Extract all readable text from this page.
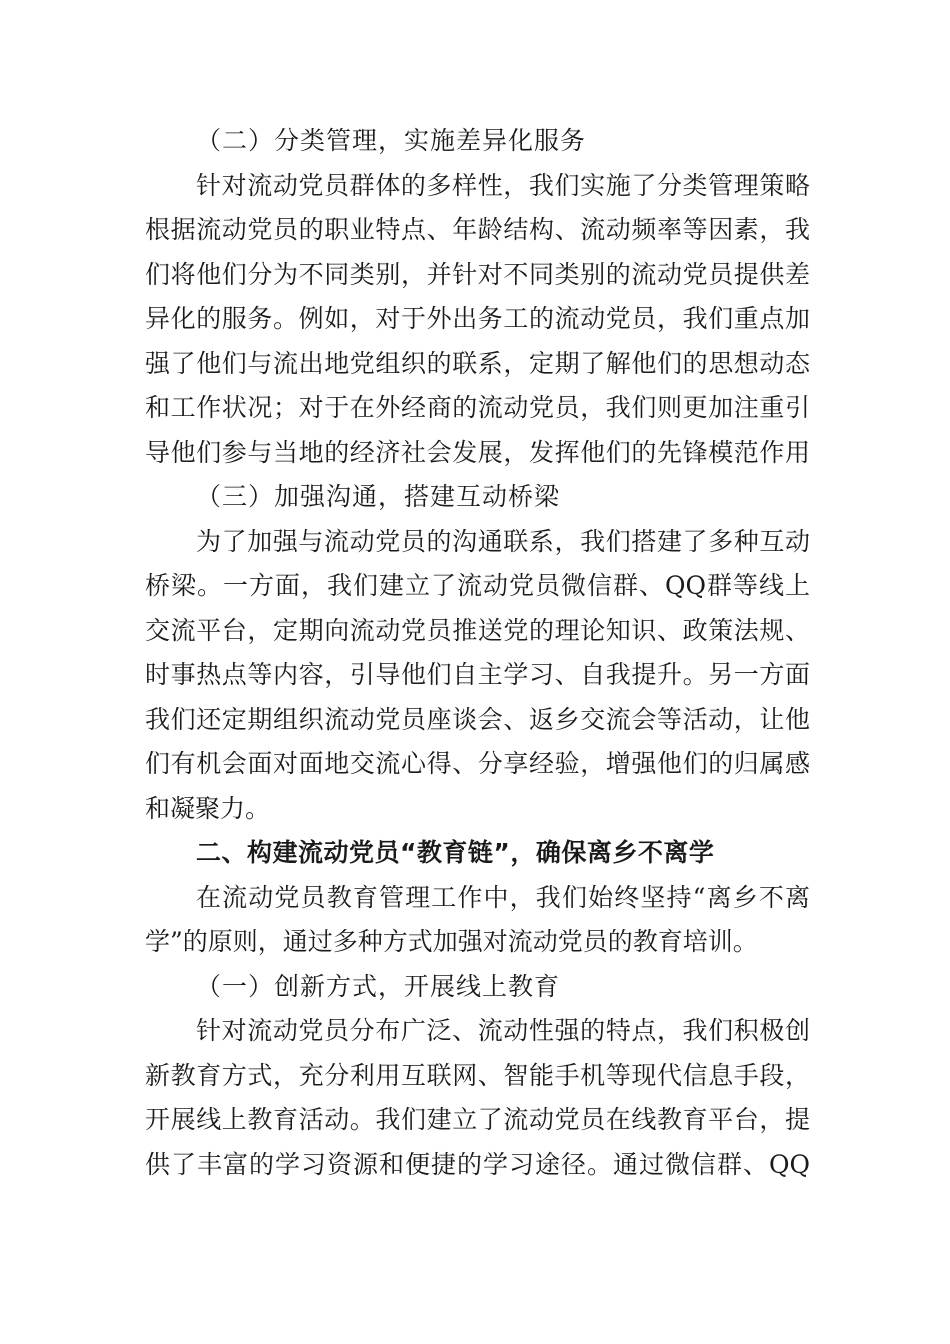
（二）分类管理，实施差异化服务
针对流动党员群体的多样性，我们实施了分类管理策略
根据流动党员的职业特点、年龄结构、流动频率等因素，我
们将他们分为不同类别，并针对不同类别的流动党员提供差
异化的服务。例如，对于外出务工的流动党员，我们重点加
强了他们与流出地党组织的联系，定期了解他们的思想动态
和工作状况；对于在外经商的流动党员，我们则更加注重引
导他们参与当地的经济社会发展，发挥他们的先锋模范作用
（三）加强沟通，搭建互动桥梁
为了加强与流动党员的沟通联系，我们搭建了多种互动
桥梁。一方面，我们建立了流动党员微信群、QQ群等线上
交流平台，定期向流动党员推送党的理论知识、政策法规、
时事热点等内容，引导他们自主学习、自我提升。另一方面
我们还定期组织流动党员座谈会、返乡交流会等活动，让他
们有机会面对面地交流心得、分享经验，增强他们的归属感
和凝聚力。
二、构建流动党员“教育链”，确保离乡不离学
在流动党员教育管理工作中，我们始终坚持“离乡不离
学”的原则，通过多种方式加强对流动党员的教育培训。
（一）创新方式，开展线上教育
针对流动党员分布广泛、流动性强的特点，我们积极创
新教育方式，充分利用互联网、智能手机等现代信息手段，
开展线上教育活动。我们建立了流动党员在线教育平台，提
供了丰富的学习资源和便捷的学习途径。通过微信群、QQ
